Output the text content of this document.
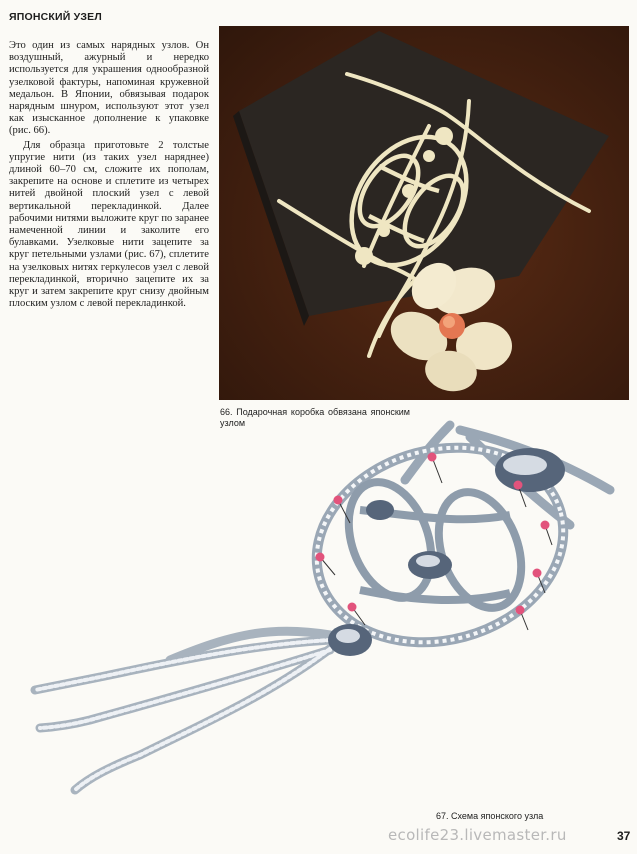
ЯПОНСКИЙ УЗЕЛ

Это один из самых нарядных узлов. Он воздушный, ажурный и нередко используется для украшения однообразной узелковой фактуры, напоминая кружевной медальон. В Японии, обвязывая подарок нарядным шнуром, используют этот узел как изысканное дополнение к упаковке (рис. 66).

Для образца приготовьте 2 толстые упругие нити (из таких узел наряднее) длиной 60–70 см, сложите их пополам, закрепите на основе и сплетите из четырех нитей двойной плоский узел с левой вертикальной перекладинкой. Далее рабочими нитями выложите круг по заранее намеченной линии и заколите его булавками. Узелковые нити зацепите за круг петельными узлами (рис. 67), сплетите на узелковых нитях геркулесов узел с левой перекладинкой, вторично зацепите их за круг и затем закрепите круг снизу двойным плоским узлом с левой перекладинкой.

66. Подарочная коробка обвязана японским узлом
67. Схема японского узла
ecolife23.livemaster.ru	37
